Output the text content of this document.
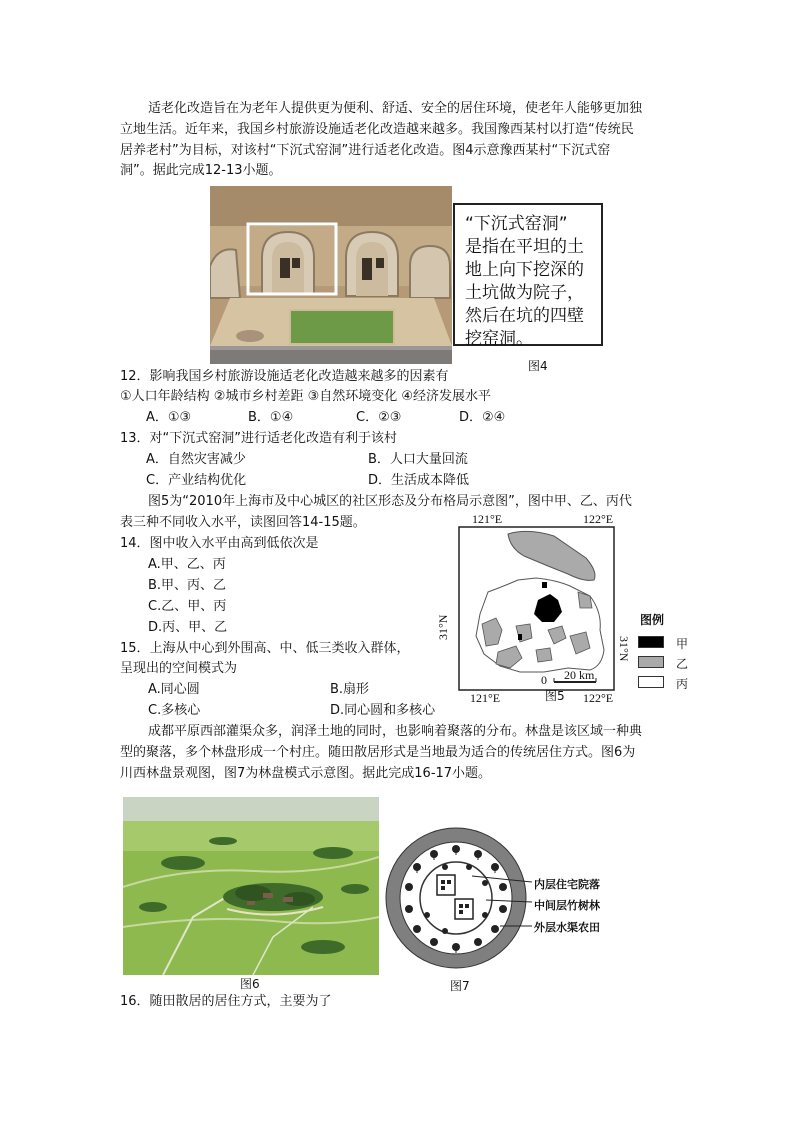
适老化改造旨在为老年人提供更为便利、舒适、安全的居住环境，使老年人能够更加独
立地生活。近年来，我国乡村旅游设施适老化改造越来越多。我国豫西某村以打造“传统民
居养老村”为目标，对该村“下沉式窑洞”进行适老化改造。图4示意豫西某村“下沉式窑
洞”。据此完成12-13小题。
“下沉式窑洞”
是指在平坦的土
地上向下挖深的
土坑做为院子，
然后在坑的四壁
挖窑洞。
图4
12．影响我国乡村旅游设施适老化改造越来越多的因素有
①人口年龄结构 ②城市乡村差距 ③自然环境变化 ④经济发展水平
A．①③	B．①④	C．②③	D．②④
13．对“下沉式窑洞”进行适老化改造有利于该村
A．自然灾害减少	B．人口大量回流
C．产业结构优化	D．生活成本降低
图5为“2010年上海市及中心城区的社区形态及分布格局示意图”，图中甲、乙、丙代
表三种不同收入水平，读图回答14-15题。
14．图中收入水平由高到低依次是
A.甲、乙、丙
B.甲、丙、乙
C.乙、甲、丙
D.丙、甲、乙
15．上海从中心到外围高、中、低三类收入群体，
呈现出的空间模式为
A.同心圆	B.扇形
C.多核心	D.同心圆和多核心
121°E	122°E
121°E	122°E
31°N
31°N
0 20 km
图5
图例
甲
乙
丙
成都平原西部灌渠众多，润泽土地的同时，也影响着聚落的分布。林盘是该区域一种典
型的聚落，多个林盘形成一个村庄。随田散居形式是当地最为适合的传统居住方式。图6为
川西林盘景观图，图7为林盘模式示意图。据此完成16-17小题。
图6
内层住宅院落
中间层竹树林
外层水渠农田
图7
16．随田散居的居住方式，主要为了
